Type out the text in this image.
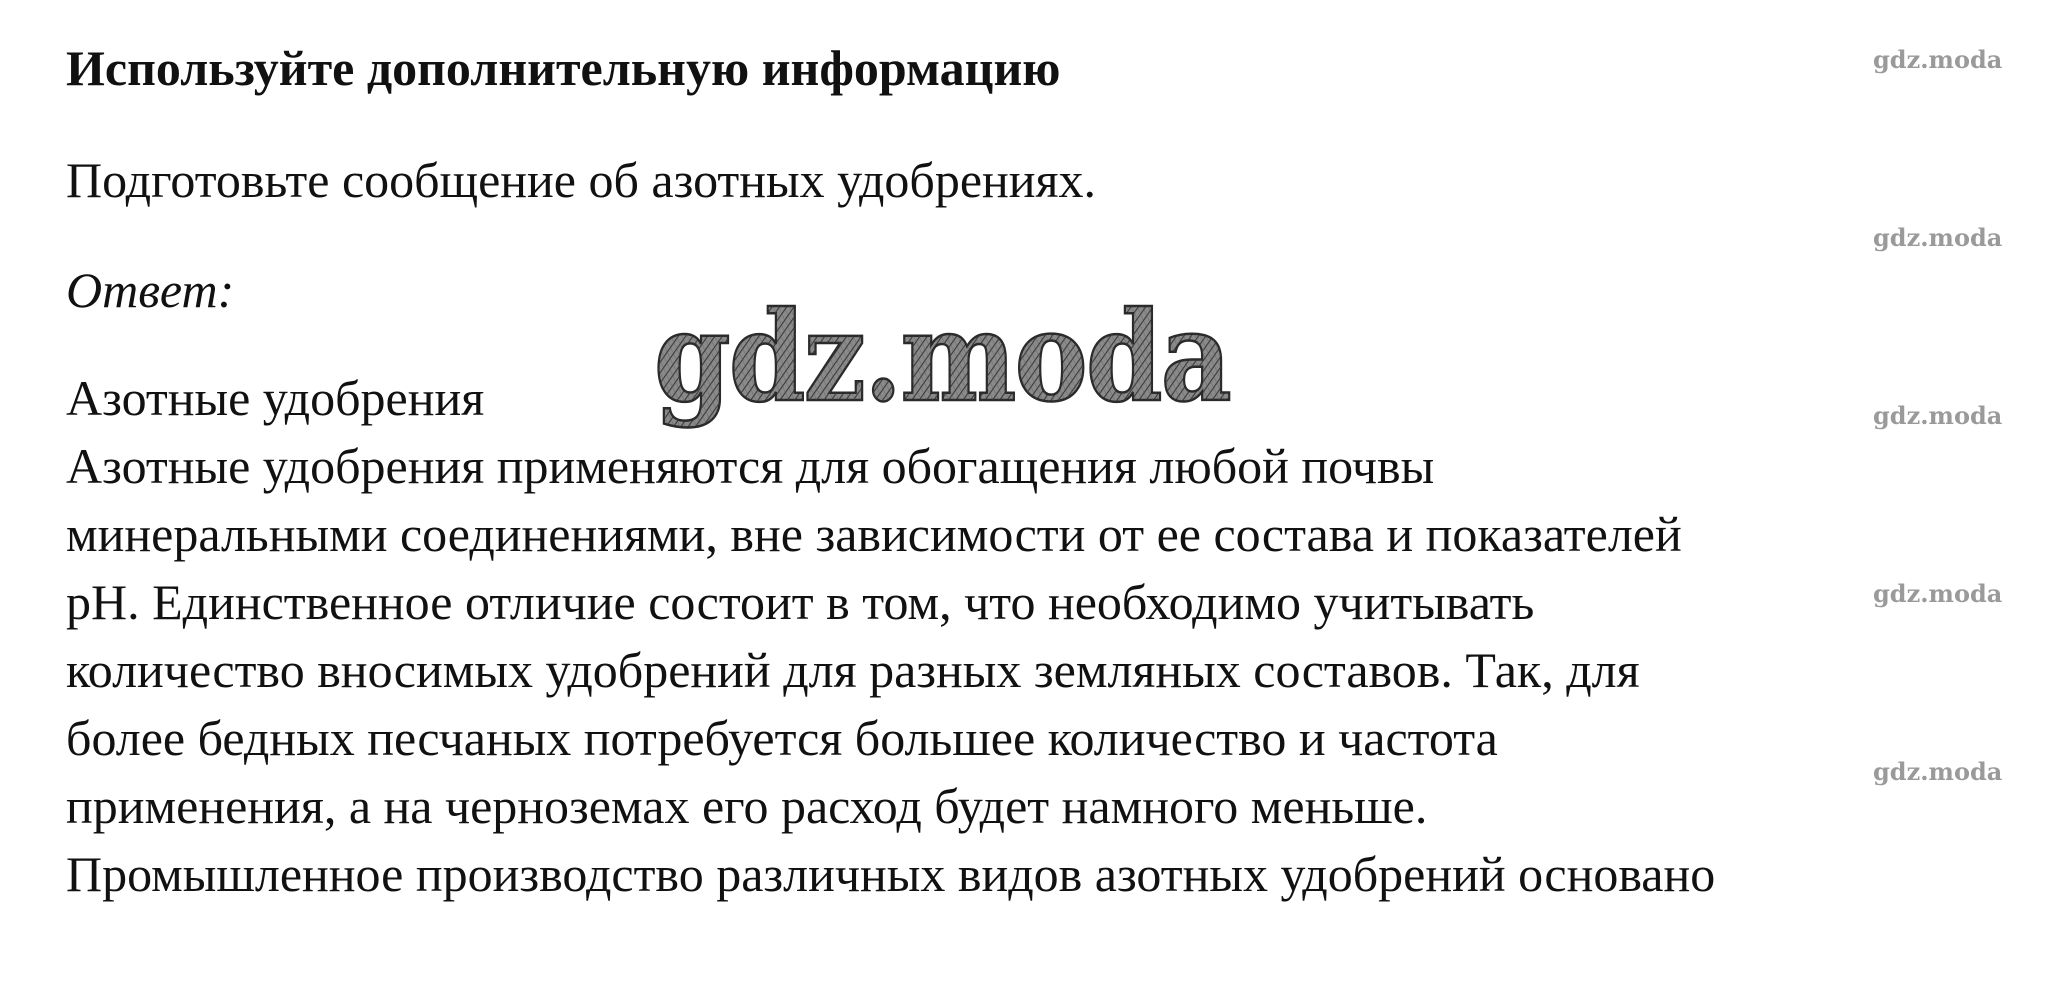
Используйте дополнительную информацию
Подготовьте сообщение об азотных удобрениях.
Ответ:
Азотные удобрения
Азотные удобрения применяются для обогащения любой почвы
минеральными соединениями, вне зависимости от ее состава и показателей
pH. Единственное отличие состоит в том, что необходимо учитывать
количество вносимых удобрений для разных земляных составов. Так, для
более бедных песчаных потребуется большее количество и частота
применения, а на черноземах его расход будет намного меньше.
Промышленное производство различных видов азотных удобрений основано
gdz.moda
gdz.moda
gdz.moda
gdz.moda
gdz.moda
gdz.moda
gdz.moda
